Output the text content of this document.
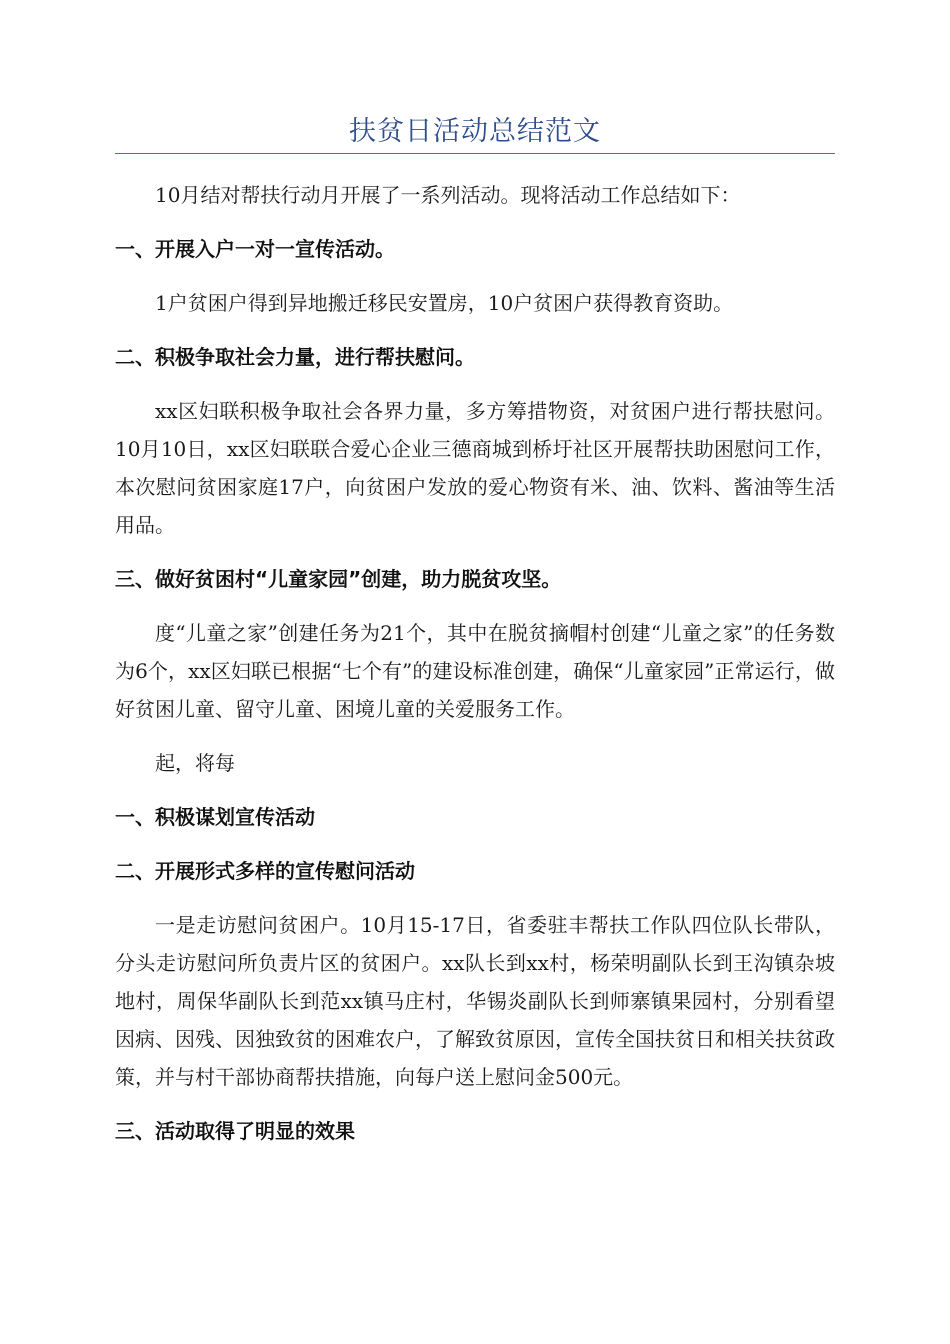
扶贫日活动总结范文

10月结对帮扶行动月开展了一系列活动。现将活动工作总结如下：

一、开展入户一对一宣传活动。

1户贫困户得到异地搬迁移民安置房，10户贫困户获得教育资助。

二、积极争取社会力量，进行帮扶慰问。

xx区妇联积极争取社会各界力量，多方筹措物资，对贫困户进行帮扶慰问。10月10日，xx区妇联联合爱心企业三德商城到桥圩社区开展帮扶助困慰问工作，本次慰问贫困家庭17户，向贫困户发放的爱心物资有米、油、饮料、酱油等生活用品。

三、做好贫困村“儿童家园”创建，助力脱贫攻坚。

度“儿童之家”创建任务为21个，其中在脱贫摘帽村创建“儿童之家”的任务数为6个，xx区妇联已根据“七个有”的建设标准创建，确保“儿童家园”正常运行，做好贫困儿童、留守儿童、困境儿童的关爱服务工作。

起，将每

一、积极谋划宣传活动
二、开展形式多样的宣传慰问活动

一是走访慰问贫困户。10月15-17日，省委驻丰帮扶工作队四位队长带队，分头走访慰问所负责片区的贫困户。xx队长到xx村，杨荣明副队长到王沟镇杂坡地村，周保华副队长到范xx镇马庄村，华锡炎副队长到师寨镇果园村，分别看望因病、因残、因独致贫的困难农户，了解致贫原因，宣传全国扶贫日和相关扶贫政策，并与村干部协商帮扶措施，向每户送上慰问金500元。

三、活动取得了明显的效果
